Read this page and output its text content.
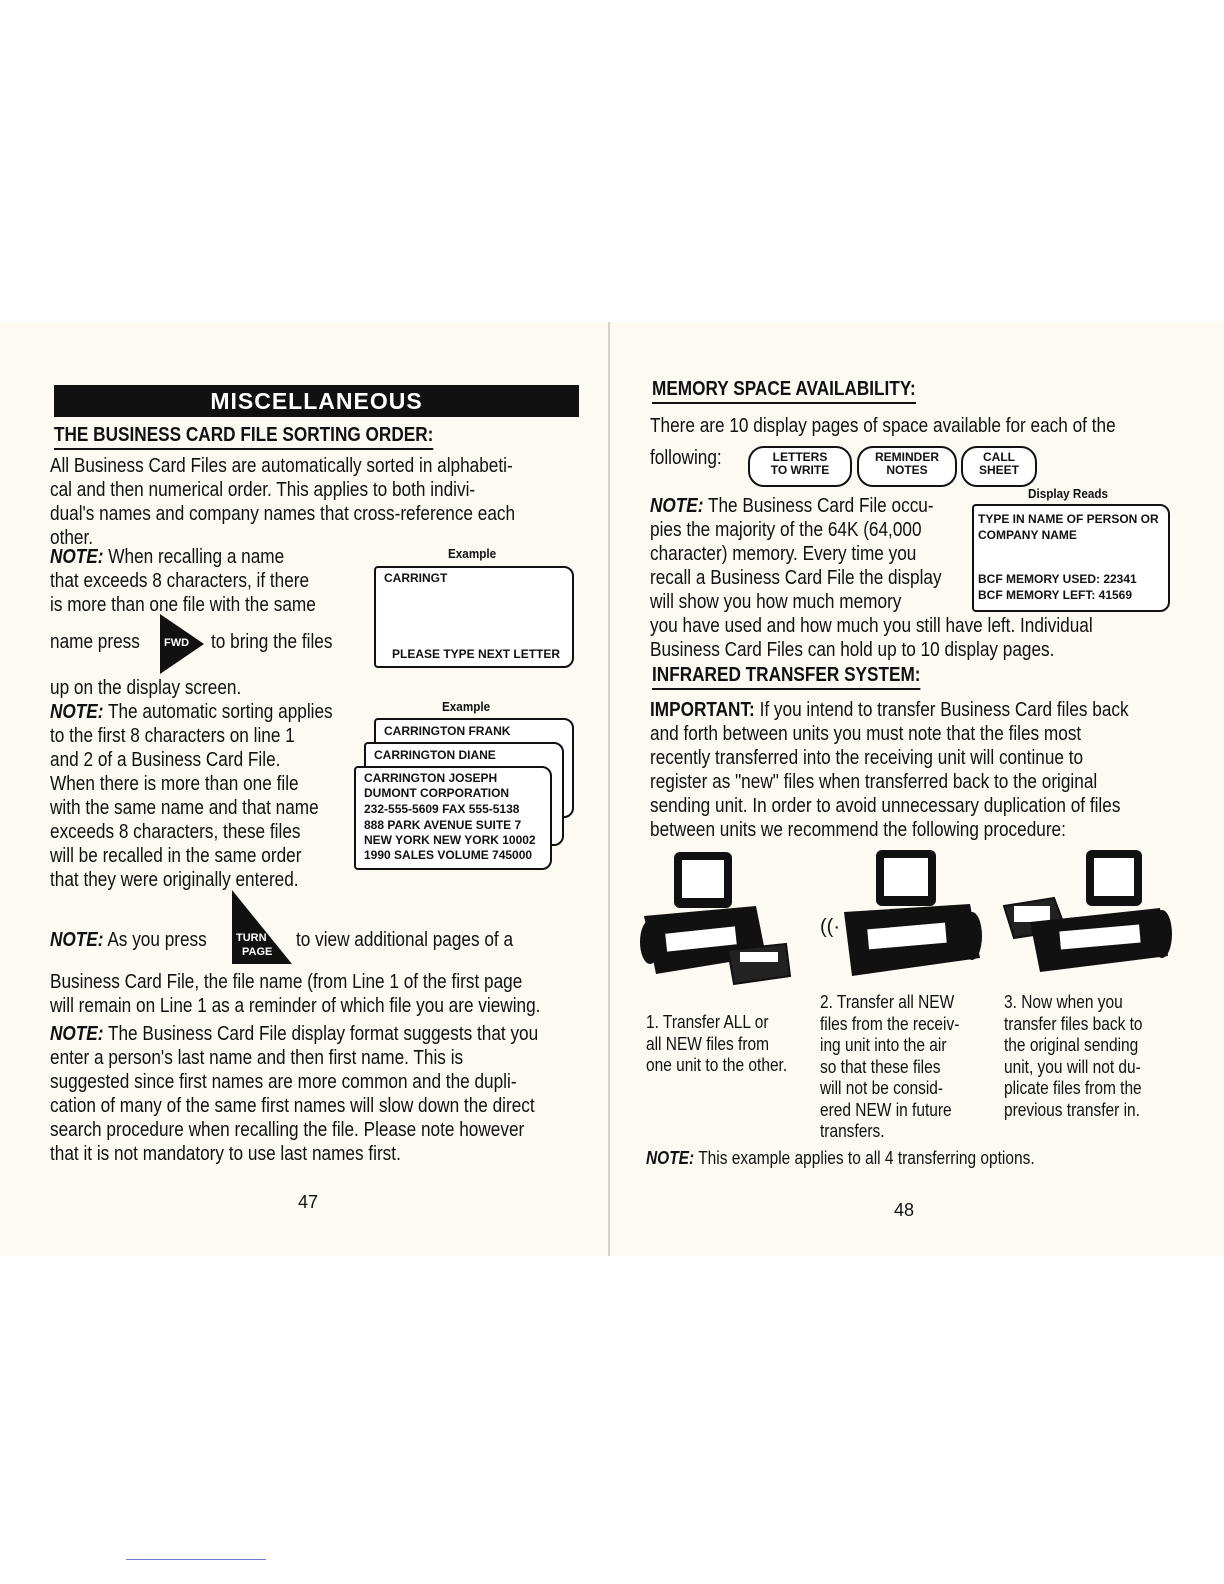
MISCELLANEOUS
THE BUSINESS CARD FILE SORTING ORDER:
All Business Card Files are automatically sorted in alphabeti-
cal and then numerical order. This applies to both indivi-
dual's names and company names that cross-reference each
other.
NOTE: When recalling a name
that exceeds 8 characters, if there
is more than one file with the same
name press FWD to bring the files
up on the display screen.
Example
CARRINGT
PLEASE TYPE NEXT LETTER
NOTE: The automatic sorting applies
to the first 8 characters on line 1
and 2 of a Business Card File.
When there is more than one file
with the same name and that name
exceeds 8 characters, these files
will be recalled in the same order
that they were originally entered.
Example
CARRINGTON FRANK
CARRINGTON DIANE
CARRINGTON JOSEPH
DUMONT CORPORATION
232-555-5609 FAX 555-5138
888 PARK AVENUE SUITE 7
NEW YORK NEW YORK 10002
1990 SALES VOLUME 745000
NOTE: As you press	TURN
PAGE
to view additional pages of a
Business Card File, the file name (from Line 1 of the first page
will remain on Line 1 as a reminder of which file you are viewing.
NOTE: The Business Card File display format suggests that you
enter a person's last name and then first name. This is
suggested since first names are more common and the dupli-
cation of many of the same first names will slow down the direct
search procedure when recalling the file. Please note however
that it is not mandatory to use last names first.
47
MEMORY SPACE AVAILABILITY:
There are 10 display pages of space available for each of the
following:	LETTERS
TO WRITE
REMINDER
NOTES
CALL
SHEET
Display Reads
TYPE IN NAME OF PERSON OR
COMPANY NAME
BCF MEMORY USED: 22341
BCF MEMORY LEFT: 41569
NOTE: The Business Card File occu-
pies the majority of the 64K (64,000
character) memory. Every time you
recall a Business Card File the display
will show you how much memory
you have used and how much you still have left. Individual
Business Card Files can hold up to 10 display pages.
INFRARED TRANSFER SYSTEM:
IMPORTANT: If you intend to transfer Business Card files back
and forth between units you must note that the files most
recently transferred into the receiving unit will continue to
register as "new" files when transferred back to the original
sending unit. In order to avoid unnecessary duplication of files
between units we recommend the following procedure:
((·
1. Transfer ALL or
all NEW files from
one unit to the other.
2. Transfer all NEW
files from the receiv-
ing unit into the air
so that these files
will not be consid-
ered NEW in future
transfers.
3. Now when you
transfer files back to
the original sending
unit, you will not du-
plicate files from the
previous transfer in.
NOTE: This example applies to all 4 transferring options.
48
